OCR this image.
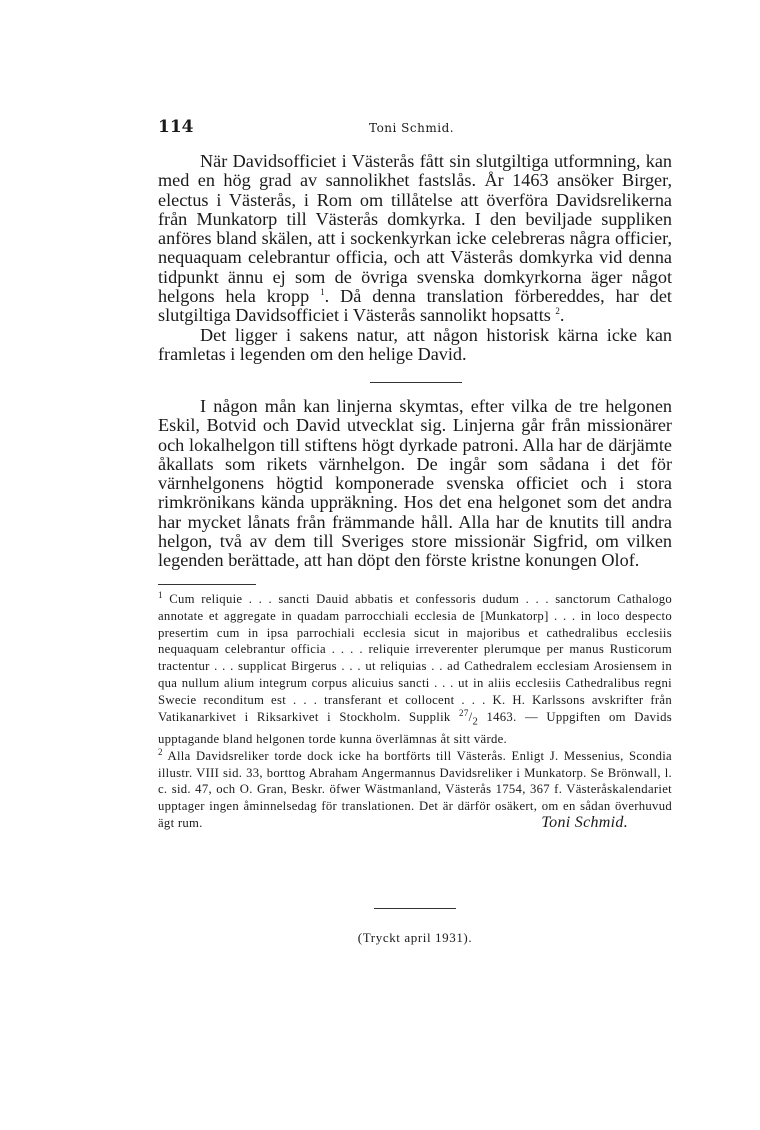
114	Toni Schmid.

När Davidsofficiet i Västerås fått sin slutgiltiga utformning, kan med en hög grad av sannolikhet fastslås. År 1463 ansöker Birger, electus i Västerås, i Rom om tillåtelse att överföra Davidsrelikerna från Munkatorp till Västerås domkyrka. I den beviljade suppliken anföres bland skälen, att i sockenkyrkan icke celebreras några officier, nequaquam celebrantur officia, och att Västerås domkyrka vid denna tidpunkt ännu ej som de övriga svenska domkyrkorna äger något helgons hela kropp $^1$. Då denna translation förbereddes, har det slutgiltiga Davidsofficiet i Västerås sannolikt hopsatts $^2$.

Det ligger i sakens natur, att någon historisk kärna icke kan framletas i legenden om den helige David.

I någon mån kan linjerna skymtas, efter vilka de tre helgonen Eskil, Botvid och David utvecklat sig. Linjerna går från missionärer och lokalhelgon till stiftens högt dyrkade patroni. Alla har de därjämte åkallats som rikets värnhelgon. De ingår som sådana i det för värnhelgonens högtid komponerade svenska officiet och i stora rimkrönikans kända uppräkning. Hos det ena helgonet som det andra har mycket lånats från främmande håll. Alla har de knutits till andra helgon, två av dem till Sveriges store missionär Sigfrid, om vilken legenden berättade, att han döpt den förste kristne konungen Olof.

$^1$ Cum reliquie . . . sancti Dauid abbatis et confessoris dudum . . . sanctorum Cathalogo annotate et aggregate in quadam parrocchiali ecclesia de [Munkatorp] . . . in loco despecto presertim cum in ipsa parrochiali ecclesia sicut in majoribus et cathedralibus ecclesiis nequaquam celebrantur officia . . . . reliquie irreverenter plerumque per manus Rusticorum tractentur . . . supplicat Birgerus . . . ut reliquias . . ad Cathedralem ecclesiam Arosiensem in qua nullum alium integrum corpus alicuius sancti . . . ut in aliis ecclesiis Cathedralibus regni Swecie reconditum est . . . transferant et collocent . . . K. H. Karlssons avskrifter från Vatikanarkivet i Riksarkivet i Stockholm. Supplik $^{27}/_2$ 1463. — Uppgiften om Davids upptagande bland helgonen torde kunna överlämnas åt sitt värde.

$^2$ Alla Davidsreliker torde dock icke ha bortförts till Västerås. Enligt J. Messenius, Scondia illustr. VIII sid. 33, borttog Abraham Angermannus Davidsreliker i Munkatorp. Se Brönwall, l. c. sid. 47, och O. Gran, Beskr. öfwer Wästmanland, Västerås 1754, 367 f. Västeråskalendariet upptager ingen åminnelsedag för translationen. Det är därför osäkert, om en sådan överhuvud ägt rum.	Toni Schmid.

(Tryckt april 1931).
